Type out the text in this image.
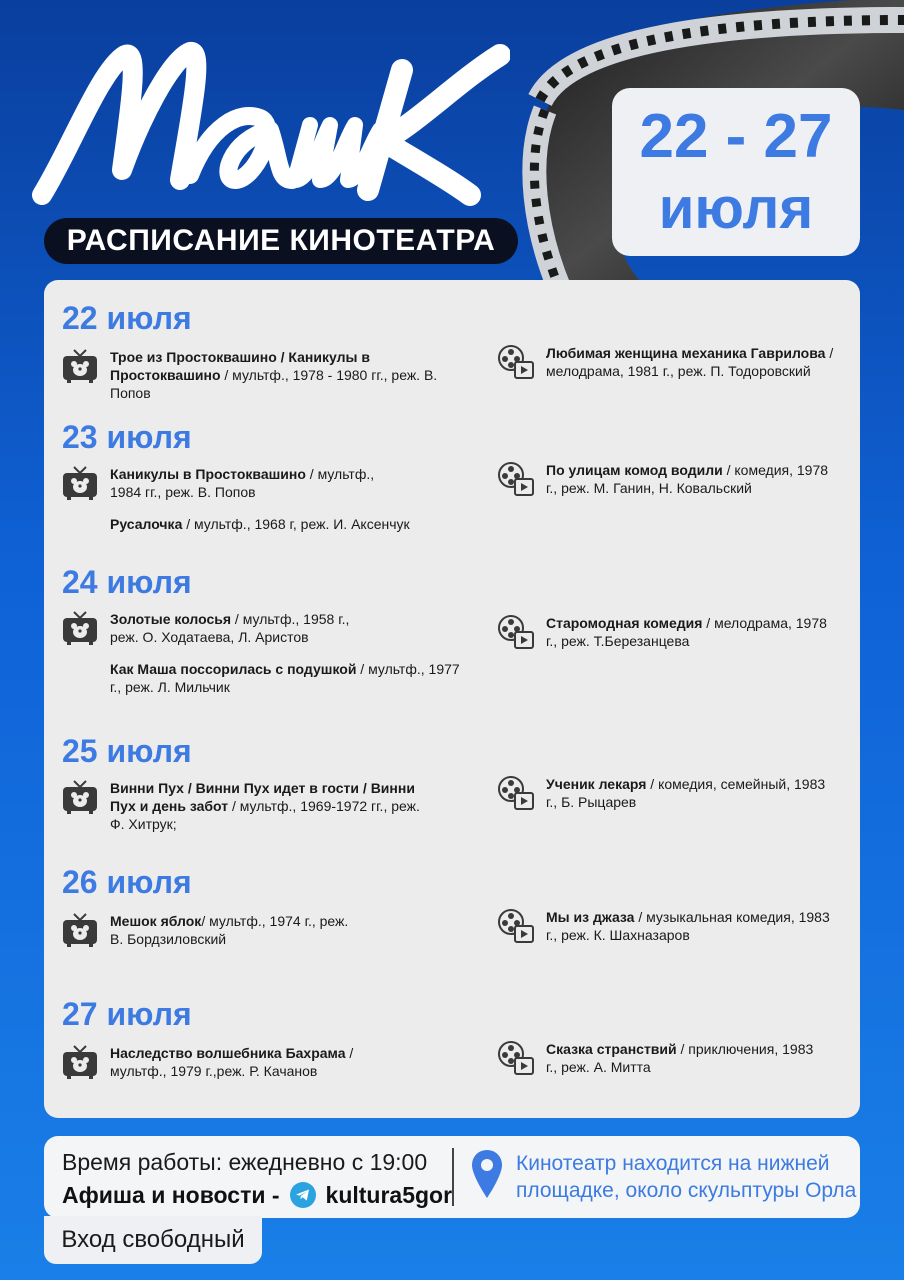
РАСПИСАНИЕ КИНОТЕАТРА
22 - 27
июля
22 июля
Трое из Простоквашино / Каникулы в Простоквашино / мультф., 1978 - 1980 гг., реж. В. Попов
Любимая женщина механика Гаврилова / мелодрама, 1981 г., реж. П. Тодоровский
23 июля
Каникулы в Простоквашино / мультф., 1984 гг., реж. В. Попов
Русалочка / мультф., 1968 г, реж. И. Аксенчук
По улицам комод водили / комедия, 1978 г., реж. М. Ганин, Н. Ковальский
24 июля
Золотые колосья / мультф., 1958 г., реж. О. Ходатаева, Л. Аристов
Как Маша поссорилась с подушкой / мультф., 1977 г., реж. Л. Мильчик
Старомодная комедия / мелодрама, 1978 г., реж. Т.Березанцева
25 июля
Винни Пух / Винни Пух идет в гости / Винни Пух и день забот / мультф., 1969-1972 гг., реж. Ф. Хитрук;
Ученик лекаря / комедия, семейный, 1983 г., Б. Рыцарев
26 июля
Мешок яблок/ мультф., 1974 г., реж. В. Бордзиловский
Мы из джаза / музыкальная комедия, 1983 г., реж. К. Шахназаров
27 июля
Наследство волшебника Бахрама / мультф., 1979 г.,реж. Р. Качанов
Сказка странствий / приключения, 1983 г., реж. А. Митта
Время работы: ежедневно с 19:00
Афиша и новости - kultura5gor
Кинотеатр находится на нижней
площадке, около скульптуры Орла
Вход свободный
